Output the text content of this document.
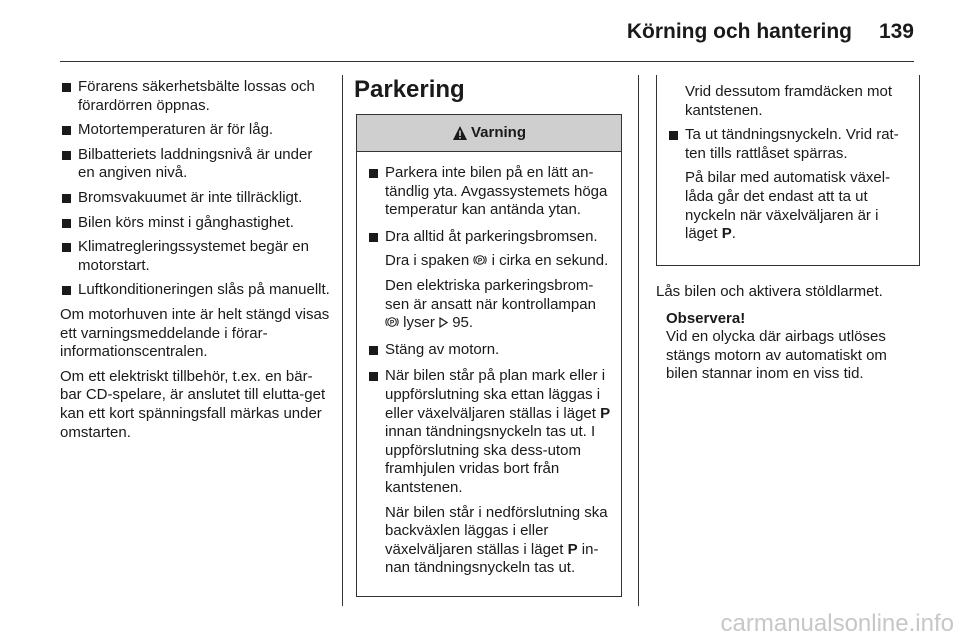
Körning och hantering 139
Förarens säkerhetsbälte lossas och förardörren öppnas.
Motortemperaturen är för låg.
Bilbatteriets laddningsnivå är under en angiven nivå.
Bromsvakuumet är inte tillräckligt.
Bilen körs minst i gånghastighet.
Klimatregleringssystemet begär en motorstart.
Luftkonditioneringen slås på manuellt.

Om motorhuven inte är helt stängd visas ett varningsmeddelande i förar-informationscentralen.

Om ett elektriskt tillbehör, t.ex. en bär-bar CD-spelare, är anslutet till elutta-get kan ett kort spänningsfall märkas under omstarten.

Parkering
Varning
Parkera inte bilen på en lätt an-tändlig yta. Avgassystemets höga temperatur kan antända ytan.
Dra alltid åt parkeringsbromsen.
Dra i spaken P i cirka en sekund.
Den elektriska parkeringsbrom-sen är ansatt när kontrollampan
P lyser 95.
Stäng av motorn.
När bilen står på plan mark eller i uppförslutning ska ettan läggas i eller växelväljaren ställas i läget P innan tändningsnyckeln tas ut. I uppförslutning ska dess-utom framhjulen vridas bort från kantstenen.
När bilen står i nedförslutning ska backväxlen läggas i eller växelväljaren ställas i läget P in-nan tändningsnyckeln tas ut.
Vrid dessutom framdäcken mot kantstenen.
Ta ut tändningsnyckeln. Vrid rat-ten tills rattlåset spärras.
På bilar med automatisk växel-låda går det endast att ta ut nyckeln när växelväljaren är i läget P.
Lås bilen och aktivera stöldlarmet.
Observera!
Vid en olycka där airbags utlöses stängs motorn av automatiskt om bilen stannar inom en viss tid.
carmanualsonline.info
